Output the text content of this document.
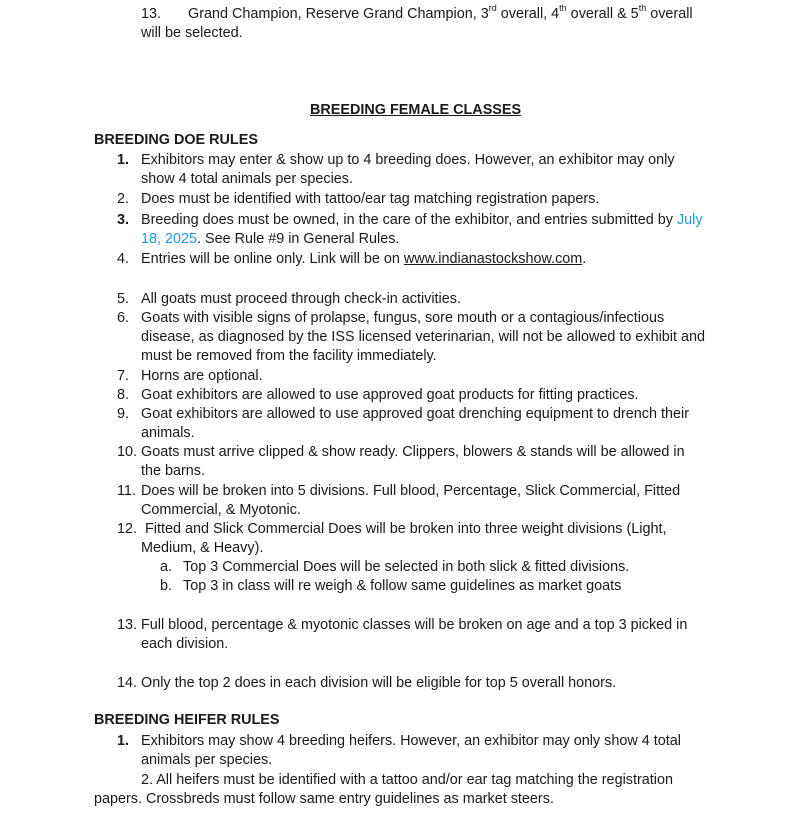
13. Grand Champion, Reserve Grand Champion, 3rd overall, 4th overall & 5th overall
will be selected.
BREEDING FEMALE CLASSES
BREEDING DOE RULES
1. Exhibitors may enter & show up to 4 breeding does. However, an exhibitor may only
show 4 total animals per species.
2. Does must be identified with tattoo/ear tag matching registration papers.
3. Breeding does must be owned, in the care of the exhibitor, and entries submitted by July
18, 2025. See Rule #9 in General Rules.
4. Entries will be online only. Link will be on www.indianastockshow.com.
5. All goats must proceed through check-in activities.
6. Goats with visible signs of prolapse, fungus, sore mouth or a contagious/infectious
disease, as diagnosed by the ISS licensed veterinarian, will not be allowed to exhibit and
must be removed from the facility immediately.
7. Horns are optional.
8. Goat exhibitors are allowed to use approved goat products for fitting practices.
9. Goat exhibitors are allowed to use approved goat drenching equipment to drench their
animals.
10. Goats must arrive clipped & show ready. Clippers, blowers & stands will be allowed in
the barns.
11. Does will be broken into 5 divisions. Full blood, Percentage, Slick Commercial, Fitted
Commercial, & Myotonic.
12. Fitted and Slick Commercial Does will be broken into three weight divisions (Light,
Medium, & Heavy).
a. Top 3 Commercial Does will be selected in both slick & fitted divisions.
b. Top 3 in class will re weigh & follow same guidelines as market goats
13. Full blood, percentage & myotonic classes will be broken on age and a top 3 picked in
each division.
14. Only the top 2 does in each division will be eligible for top 5 overall honors.
BREEDING HEIFER RULES
1. Exhibitors may show 4 breeding heifers. However, an exhibitor may only show 4 total
animals per species.
2. All heifers must be identified with a tattoo and/or ear tag matching the registration
papers. Crossbreds must follow same entry guidelines as market steers.
